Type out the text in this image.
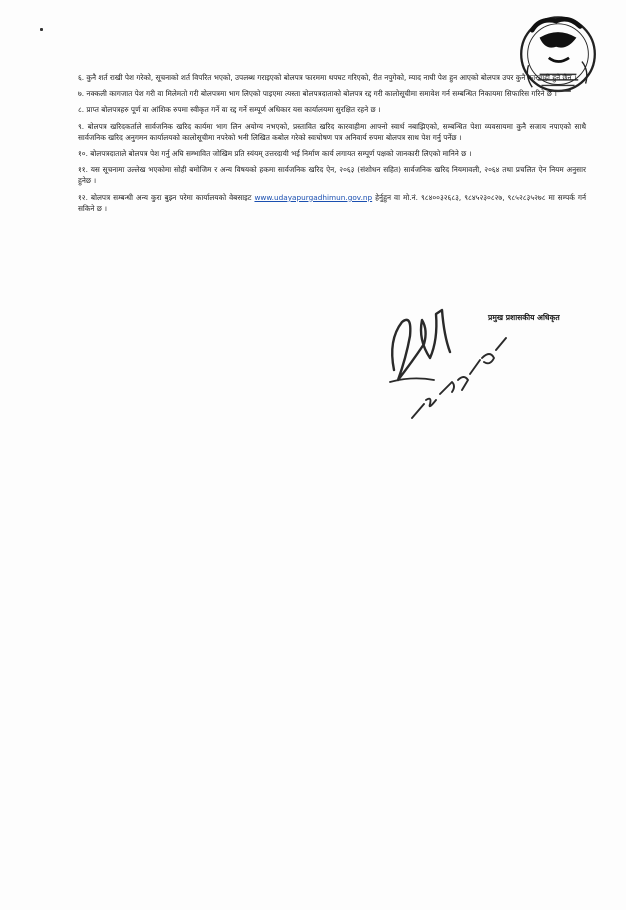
६. कुनै शर्त राखी पेश गरेको, सूचनाको शर्त विपरित भएको, उपलब्ध गराइएको बोलपत्र फारममा थपघट गरिएको, रीत नपुगेको, म्याद नाघी पेश हुन आएको बोलपत्र उपर कुनै कारवाही हुने छैन ।

७. नक्कली कागजात पेश गरी वा मिलेमतो गरी बोलपत्रमा भाग लिएको पाइएमा त्यस्ता बोलपत्रदाताको बोलपत्र रद्द गरी कालोसूचीमा समावेश गर्न सम्बन्धित निकायमा सिफारिस गरिने छ ।

८. प्राप्त बोलपत्रहरु पूर्ण वा आंशिक रुपमा स्वीकृत गर्ने वा रद्द गर्ने सम्पूर्ण अधिकार यस कार्यालयमा सुरक्षित रहने छ ।

९. बोलपत्र खरिदकर्ताले सार्वजनिक खरिद कार्यमा भाग लिन अयोग्य नभएको, प्रस्तावित खरिद कारवाहीमा आफ्नो स्वार्थ नबाझिएको, सम्बन्धित पेशा व्यवसायमा कुनै सजाय नपाएको साथै सार्वजनिक खरिद अनुगमन कार्यालयको कालोसूचीमा नपरेको भनी लिखित कबोल गरेको स्वःघोषण पत्र अनिवार्य रुपमा बोलपत्र साथ पेश गर्नु पर्नेछ ।

१०. बोलपत्रदाताले बोलपत्र पेश गर्नु अघि सम्भावित जोखिम प्रति स्यंयम् उत्तरदायी भई निर्माण कार्य लगायत सम्पूर्ण पक्षको जानकारी लिएको मानिने छ ।

११. यस सूचनामा उल्लेख भएकोमा सोही बमोजिम र अन्य विषयको हकमा सार्वजनिक खरिद ऐन, २०६३ (संशोधन सहित) सार्वजनिक खरिद नियमावली, २०६४ तथा प्रचलित ऐन नियम अनुसार हुनेछ ।

१२. बोलपत्र सम्बन्धी अन्य कुरा बुझ्न परेमा कार्यालयको वेबसाइट www.udayapurgadhimun.gov.np हेर्नुहुन वा मो.नं. ९८४००३२६८३, ९८४५२३०८२७, ९८५२८३५२७८ मा सम्पर्क गर्न सकिने छ ।

प्रमुख प्रशासकीय अधिकृत
